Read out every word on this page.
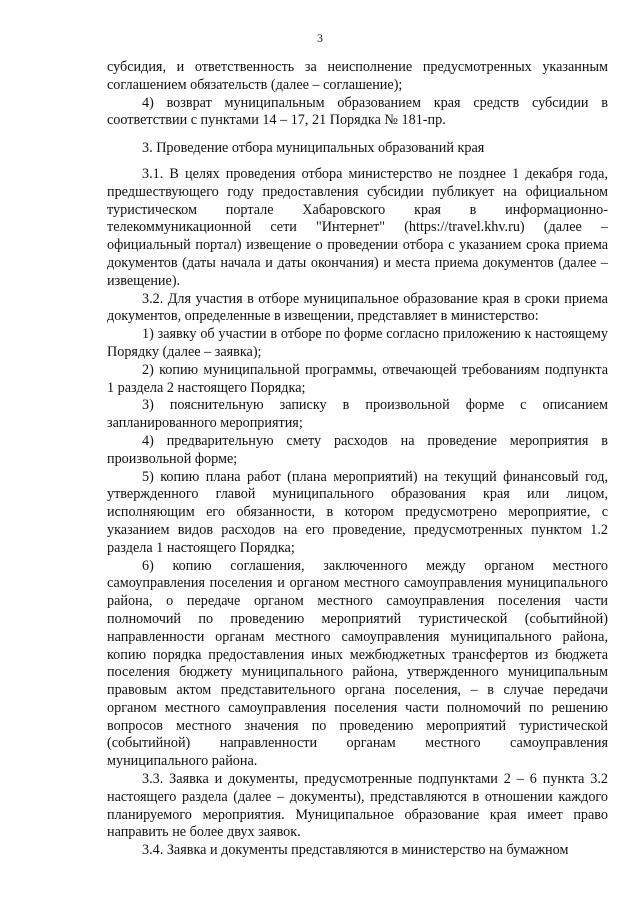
3

субсидия, и ответственность за неисполнение предусмотренных указанным соглашением обязательств (далее – соглашение);

4) возврат муниципальным образованием края средств субсидии в соответствии с пунктами 14 – 17, 21 Порядка № 181-пр.

3. Проведение отбора муниципальных образований края

3.1. В целях проведения отбора министерство не позднее 1 декабря года, предшествующего году предоставления субсидии публикует на официальном туристическом портале Хабаровского края в информационно-телекоммуникационной сети "Интернет" (https://travel.khv.ru) (далее – официальный портал) извещение о проведении отбора с указанием срока приема документов (даты начала и даты окончания) и места приема документов (далее – извещение).

3.2. Для участия в отборе муниципальное образование края в сроки приема документов, определенные в извещении, представляет в министерство:

1) заявку об участии в отборе по форме согласно приложению к настоящему Порядку (далее – заявка);

2) копию муниципальной программы, отвечающей требованиям подпункта 1 раздела 2 настоящего Порядка;

3) пояснительную записку в произвольной форме с описанием запланированного мероприятия;

4) предварительную смету расходов на проведение мероприятия в произвольной форме;

5) копию плана работ (плана мероприятий) на текущий финансовый год, утвержденного главой муниципального образования края или лицом, исполняющим его обязанности, в котором предусмотрено мероприятие, с указанием видов расходов на его проведение, предусмотренных пунктом 1.2 раздела 1 настоящего Порядка;

6) копию соглашения, заключенного между органом местного самоуправления поселения и органом местного самоуправления муниципального района, о передаче органом местного самоуправления поселения части полномочий по проведению мероприятий туристической (событийной) направленности органам местного самоуправления муниципального района, копию порядка предоставления иных межбюджетных трансфертов из бюджета поселения бюджету муниципального района, утвержденного муниципальным правовым актом представительного органа поселения, – в случае передачи органом местного самоуправления поселения части полномочий по решению вопросов местного значения по проведению мероприятий туристической (событийной) направленности органам местного самоуправления муниципального района.

3.3. Заявка и документы, предусмотренные подпунктами 2 – 6 пункта 3.2 настоящего раздела (далее – документы), представляются в отношении каждого планируемого мероприятия. Муниципальное образование края имеет право направить не более двух заявок.

3.4. Заявка и документы представляются в министерство на бумажном
